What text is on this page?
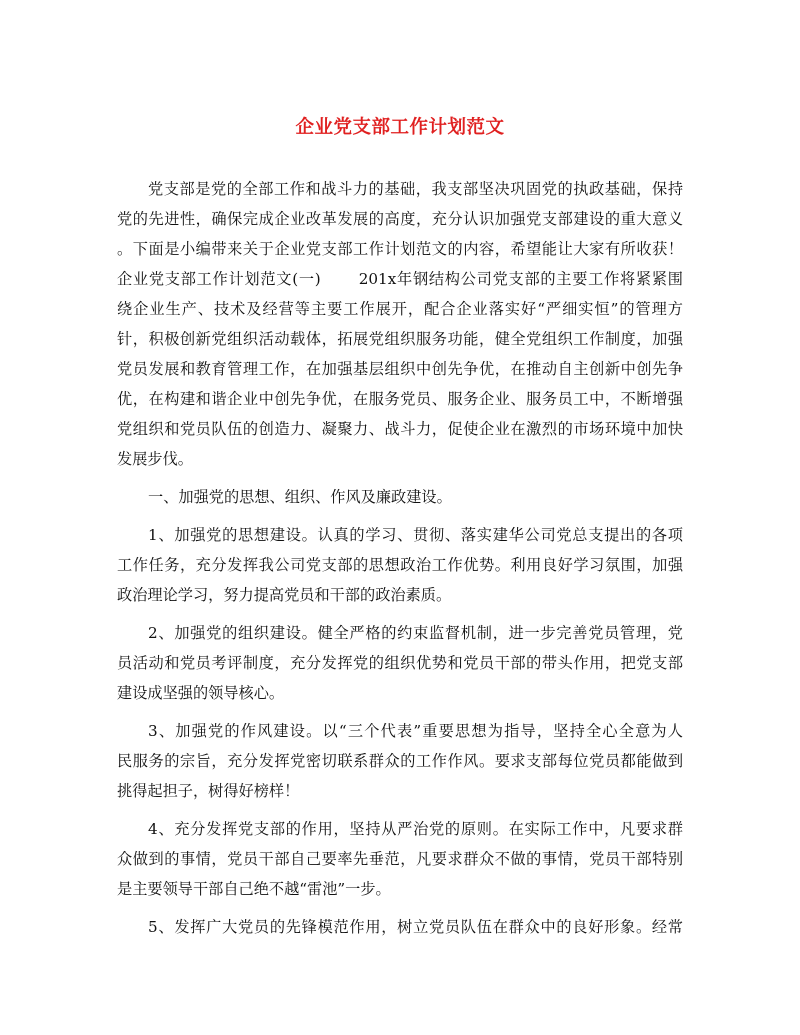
企业党支部工作计划范文
党支部是党的全部工作和战斗力的基础，我支部坚决巩固党的执政基础，保持
党的先进性，确保完成企业改革发展的高度，充分认识加强党支部建设的重大意义
。下面是小编带来关于企业党支部工作计划范文的内容，希望能让大家有所收获！
企业党支部工作计划范文(一)	201x年钢结构公司党支部的主要工作将紧紧围
绕企业生产、技术及经营等主要工作展开，配合企业落实好“严细实恒”的管理方
针，积极创新党组织活动载体，拓展党组织服务功能，健全党组织工作制度，加强
党员发展和教育管理工作，在加强基层组织中创先争优，在推动自主创新中创先争
优，在构建和谐企业中创先争优，在服务党员、服务企业、服务员工中，不断增强
党组织和党员队伍的创造力、凝聚力、战斗力，促使企业在激烈的市场环境中加快
发展步伐。
一、加强党的思想、组织、作风及廉政建设。
1、加强党的思想建设。认真的学习、贯彻、落实建华公司党总支提出的各项
工作任务，充分发挥我公司党支部的思想政治工作优势。利用良好学习氛围，加强
政治理论学习，努力提高党员和干部的政治素质。
2、加强党的组织建设。健全严格的约束监督机制，进一步完善党员管理，党
员活动和党员考评制度，充分发挥党的组织优势和党员干部的带头作用，把党支部
建设成坚强的领导核心。
3、加强党的作风建设。以“三个代表”重要思想为指导，坚持全心全意为人
民服务的宗旨，充分发挥党密切联系群众的工作作风。要求支部每位党员都能做到
挑得起担子，树得好榜样！
4、充分发挥党支部的作用，坚持从严治党的原则。在实际工作中，凡要求群
众做到的事情，党员干部自己要率先垂范，凡要求群众不做的事情，党员干部特别
是主要领导干部自己绝不越“雷池”一步。
5、发挥广大党员的先锋模范作用，树立党员队伍在群众中的良好形象。经常
